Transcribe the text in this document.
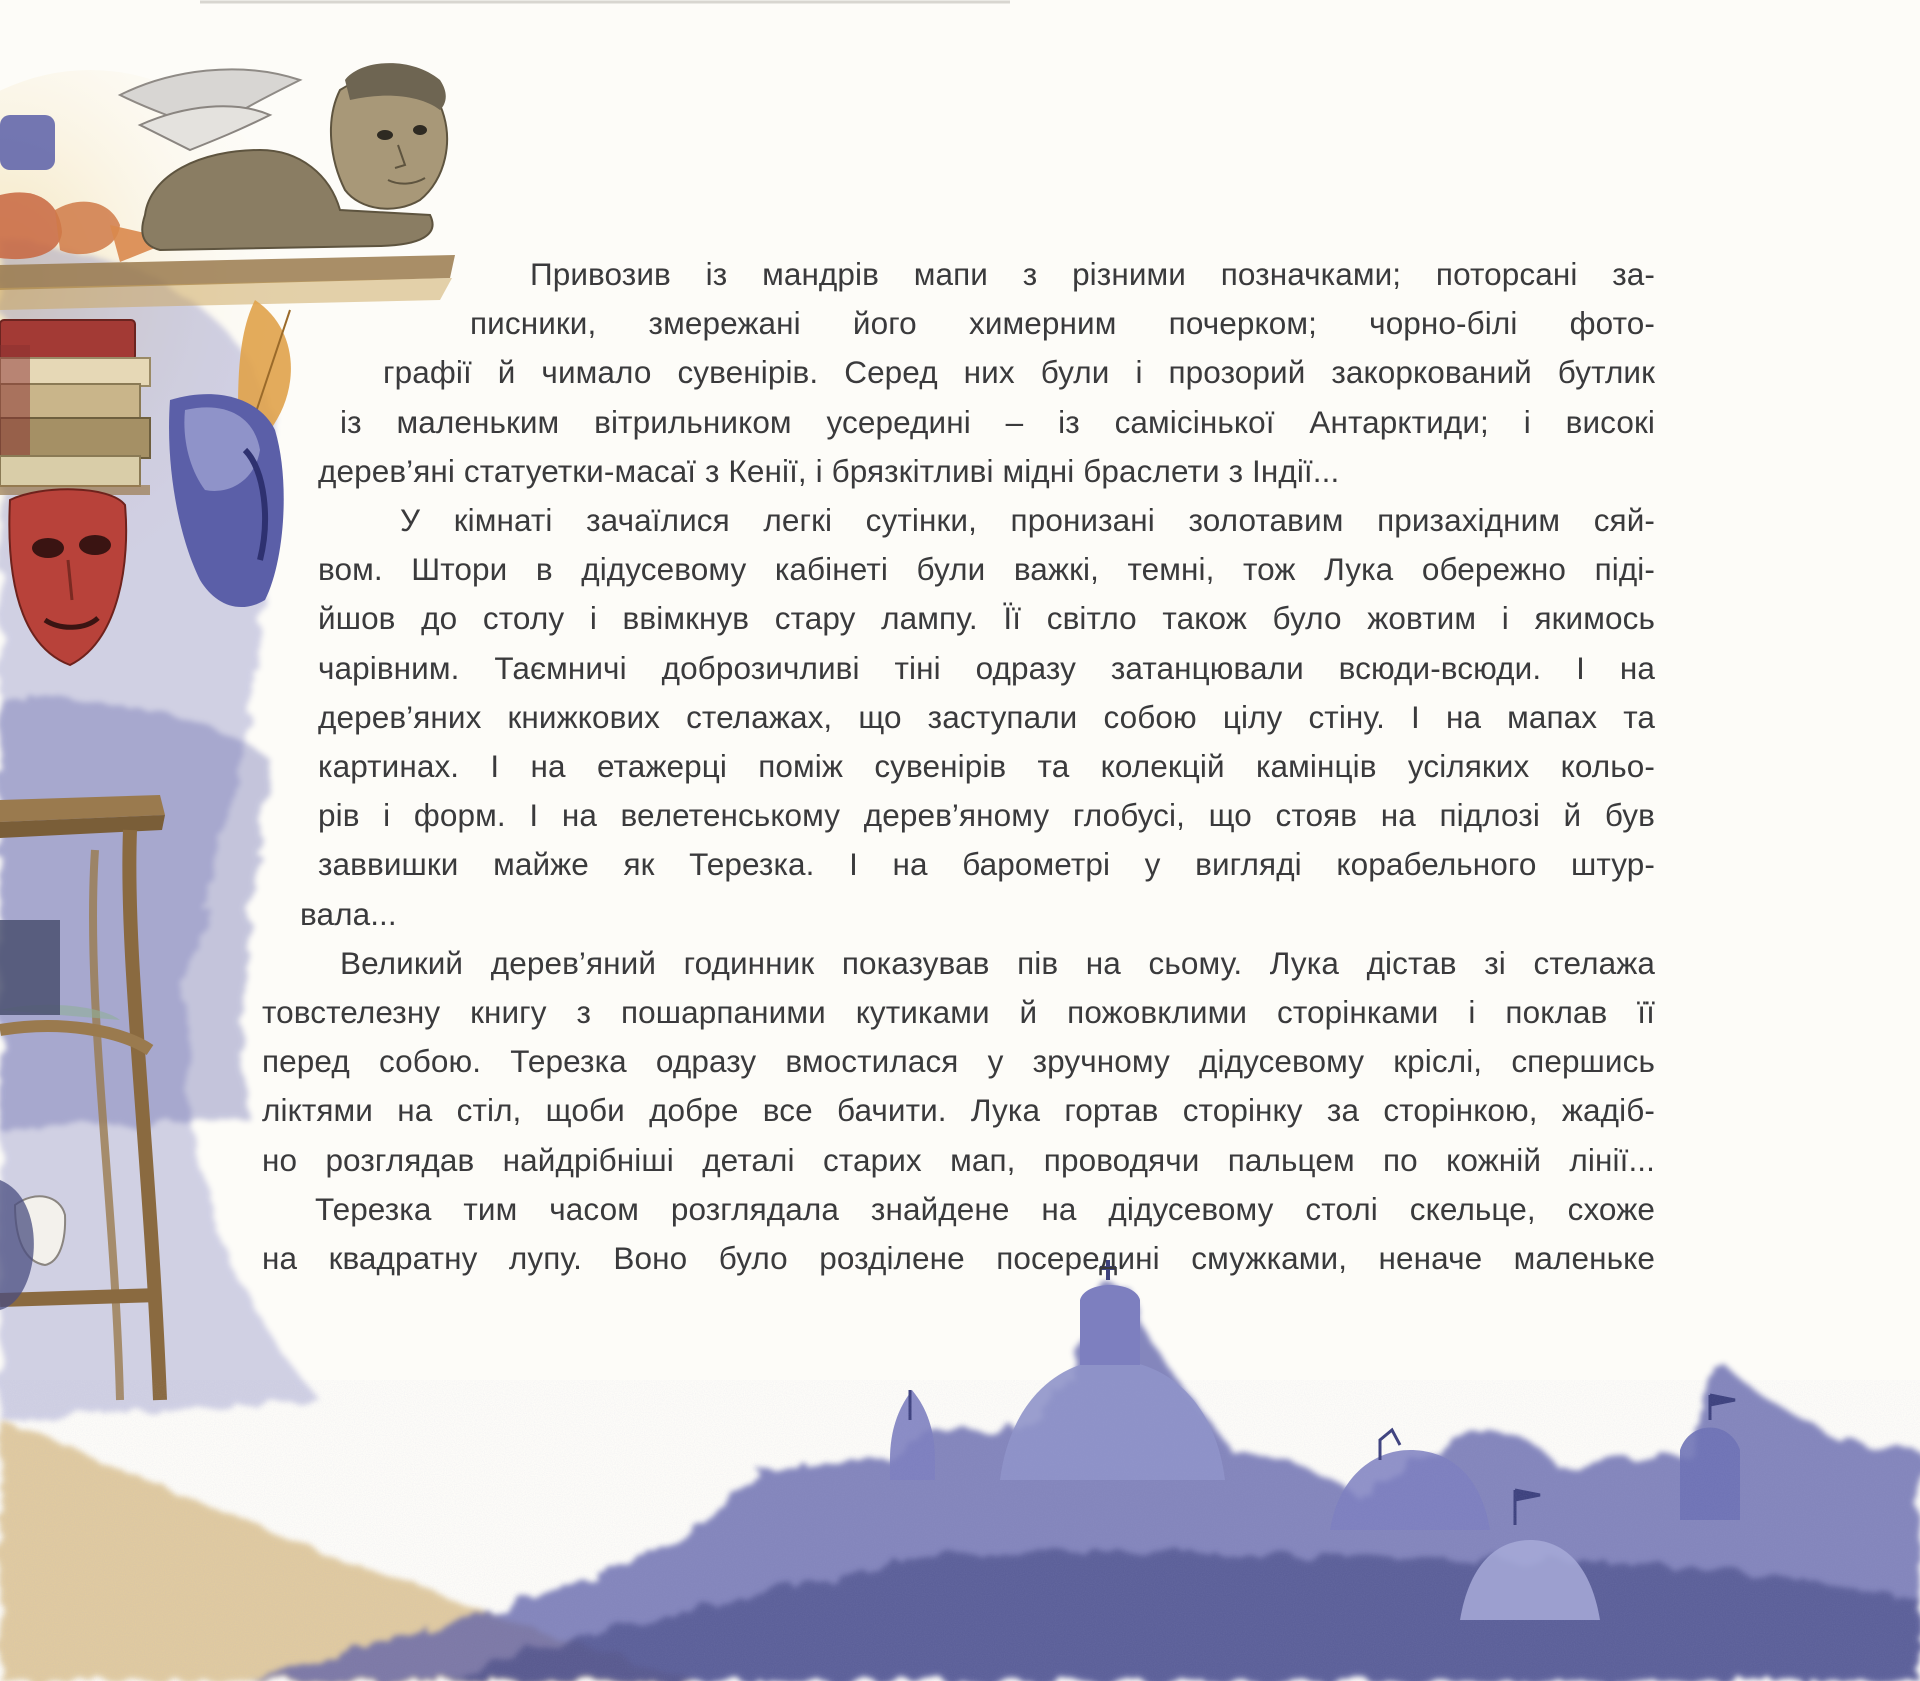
Привозив із мандрів мапи з різними позначками; поторсані за-
писники, змережані його химерним почерком; чорно-білі фото-
графії й чимало сувенірів. Серед них були і прозорий закоркований бутлик
із маленьким вітрильником усередині – із самісінької Антарктиди; і високі
дерев’яні статуетки-масаї з Кенії, і брязкітливі мідні браслети з Індії...
У кімнаті зачаїлися легкі сутінки, пронизані золотавим призахідним сяй-
вом. Штори в дідусевому кабінеті були важкі, темні, тож Лука обережно піді-
йшов до столу і ввімкнув стару лампу. Її світло також було жовтим і якимось
чарівним. Таємничі доброзичливі тіні одразу затанцювали всюди-всюди. І на
дерев’яних книжкових стелажах, що заступали собою цілу стіну. І на мапах та
картинах. І на етажерці поміж сувенірів та колекцій камінців усіляких кольо-
рів і форм. І на велетенському дерев’яному глобусі, що стояв на підлозі й був
заввишки майже як Терезка. І на барометрі у вигляді корабельного штур-
вала...
Великий дерев’яний годинник показував пів на сьому. Лука дістав зі стелажа
товстелезну книгу з пошарпаними кутиками й пожовклими сторінками і поклав її
перед собою. Терезка одразу вмостилася у зручному дідусевому кріслі, спершись
ліктями на стіл, щоби добре все бачити. Лука гортав сторінку за сторінкою, жадіб-
но розглядав найдрібніші деталі старих мап, проводячи пальцем по кожній лінії...
Терезка тим часом розглядала знайдене на дідусевому столі скельце, схоже
на квадратну лупу. Воно було розділене посередині смужками, неначе маленьке
